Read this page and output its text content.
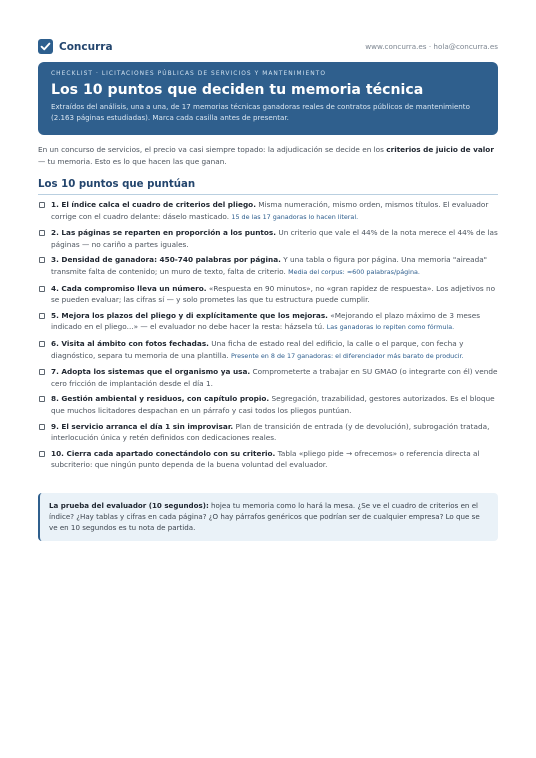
Concurra	www.concurra.es · hola@concurra.es
CHECKLIST · LICITACIONES PÚBLICAS DE SERVICIOS Y MANTENIMIENTO
Los 10 puntos que deciden tu memoria técnica
Extraídos del análisis, una a una, de 17 memorias técnicas ganadoras reales de contratos públicos de mantenimiento (2.163 páginas estudiadas). Marca cada casilla antes de presentar.
En un concurso de servicios, el precio va casi siempre topado: la adjudicación se decide en los criterios de juicio de valor — tu memoria. Esto es lo que hacen las que ganan.
Los 10 puntos que puntúan
1. El índice calca el cuadro de criterios del pliego. Misma numeración, mismo orden, mismos títulos. El evaluador corrige con el cuadro delante: dáselo masticado. 15 de las 17 ganadoras lo hacen literal.
2. Las páginas se reparten en proporción a los puntos. Un criterio que vale el 44% de la nota merece el 44% de las páginas — no cariño a partes iguales.
3. Densidad de ganadora: 450-740 palabras por página. Y una tabla o figura por página. Una memoria "aireada" transmite falta de contenido; un muro de texto, falta de criterio. Media del corpus: ≈600 palabras/página.
4. Cada compromiso lleva un número. «Respuesta en 90 minutos», no «gran rapidez de respuesta». Los adjetivos no se pueden evaluar; las cifras sí — y solo prometes las que tu estructura puede cumplir.
5. Mejora los plazos del pliego y di explícitamente que los mejoras. «Mejorando el plazo máximo de 3 meses indicado en el pliego...» — el evaluador no debe hacer la resta: házsela tú. Las ganadoras lo repiten como fórmula.
6. Visita al ámbito con fotos fechadas. Una ficha de estado real del edificio, la calle o el parque, con fecha y diagnóstico, separa tu memoria de una plantilla. Presente en 8 de 17 ganadoras: el diferenciador más barato de producir.
7. Adopta los sistemas que el organismo ya usa. Comprometerte a trabajar en SU GMAO (o integrarte con él) vende cero fricción de implantación desde el día 1.
8. Gestión ambiental y residuos, con capítulo propio. Segregación, trazabilidad, gestores autorizados. Es el bloque que muchos licitadores despachan en un párrafo y casi todos los pliegos puntúan.
9. El servicio arranca el día 1 sin improvisar. Plan de transición de entrada (y de devolución), subrogación tratada, interlocución única y retén definidos con dedicaciones reales.
10. Cierra cada apartado conectándolo con su criterio. Tabla «pliego pide → ofrecemos» o referencia directa al subcriterio: que ningún punto dependa de la buena voluntad del evaluador.
La prueba del evaluador (10 segundos): hojea tu memoria como lo hará la mesa. ¿Se ve el cuadro de criterios en el índice? ¿Hay tablas y cifras en cada página? ¿O hay párrafos genéricos que podrían ser de cualquier empresa? Lo que se ve en 10 segundos es tu nota de partida.
